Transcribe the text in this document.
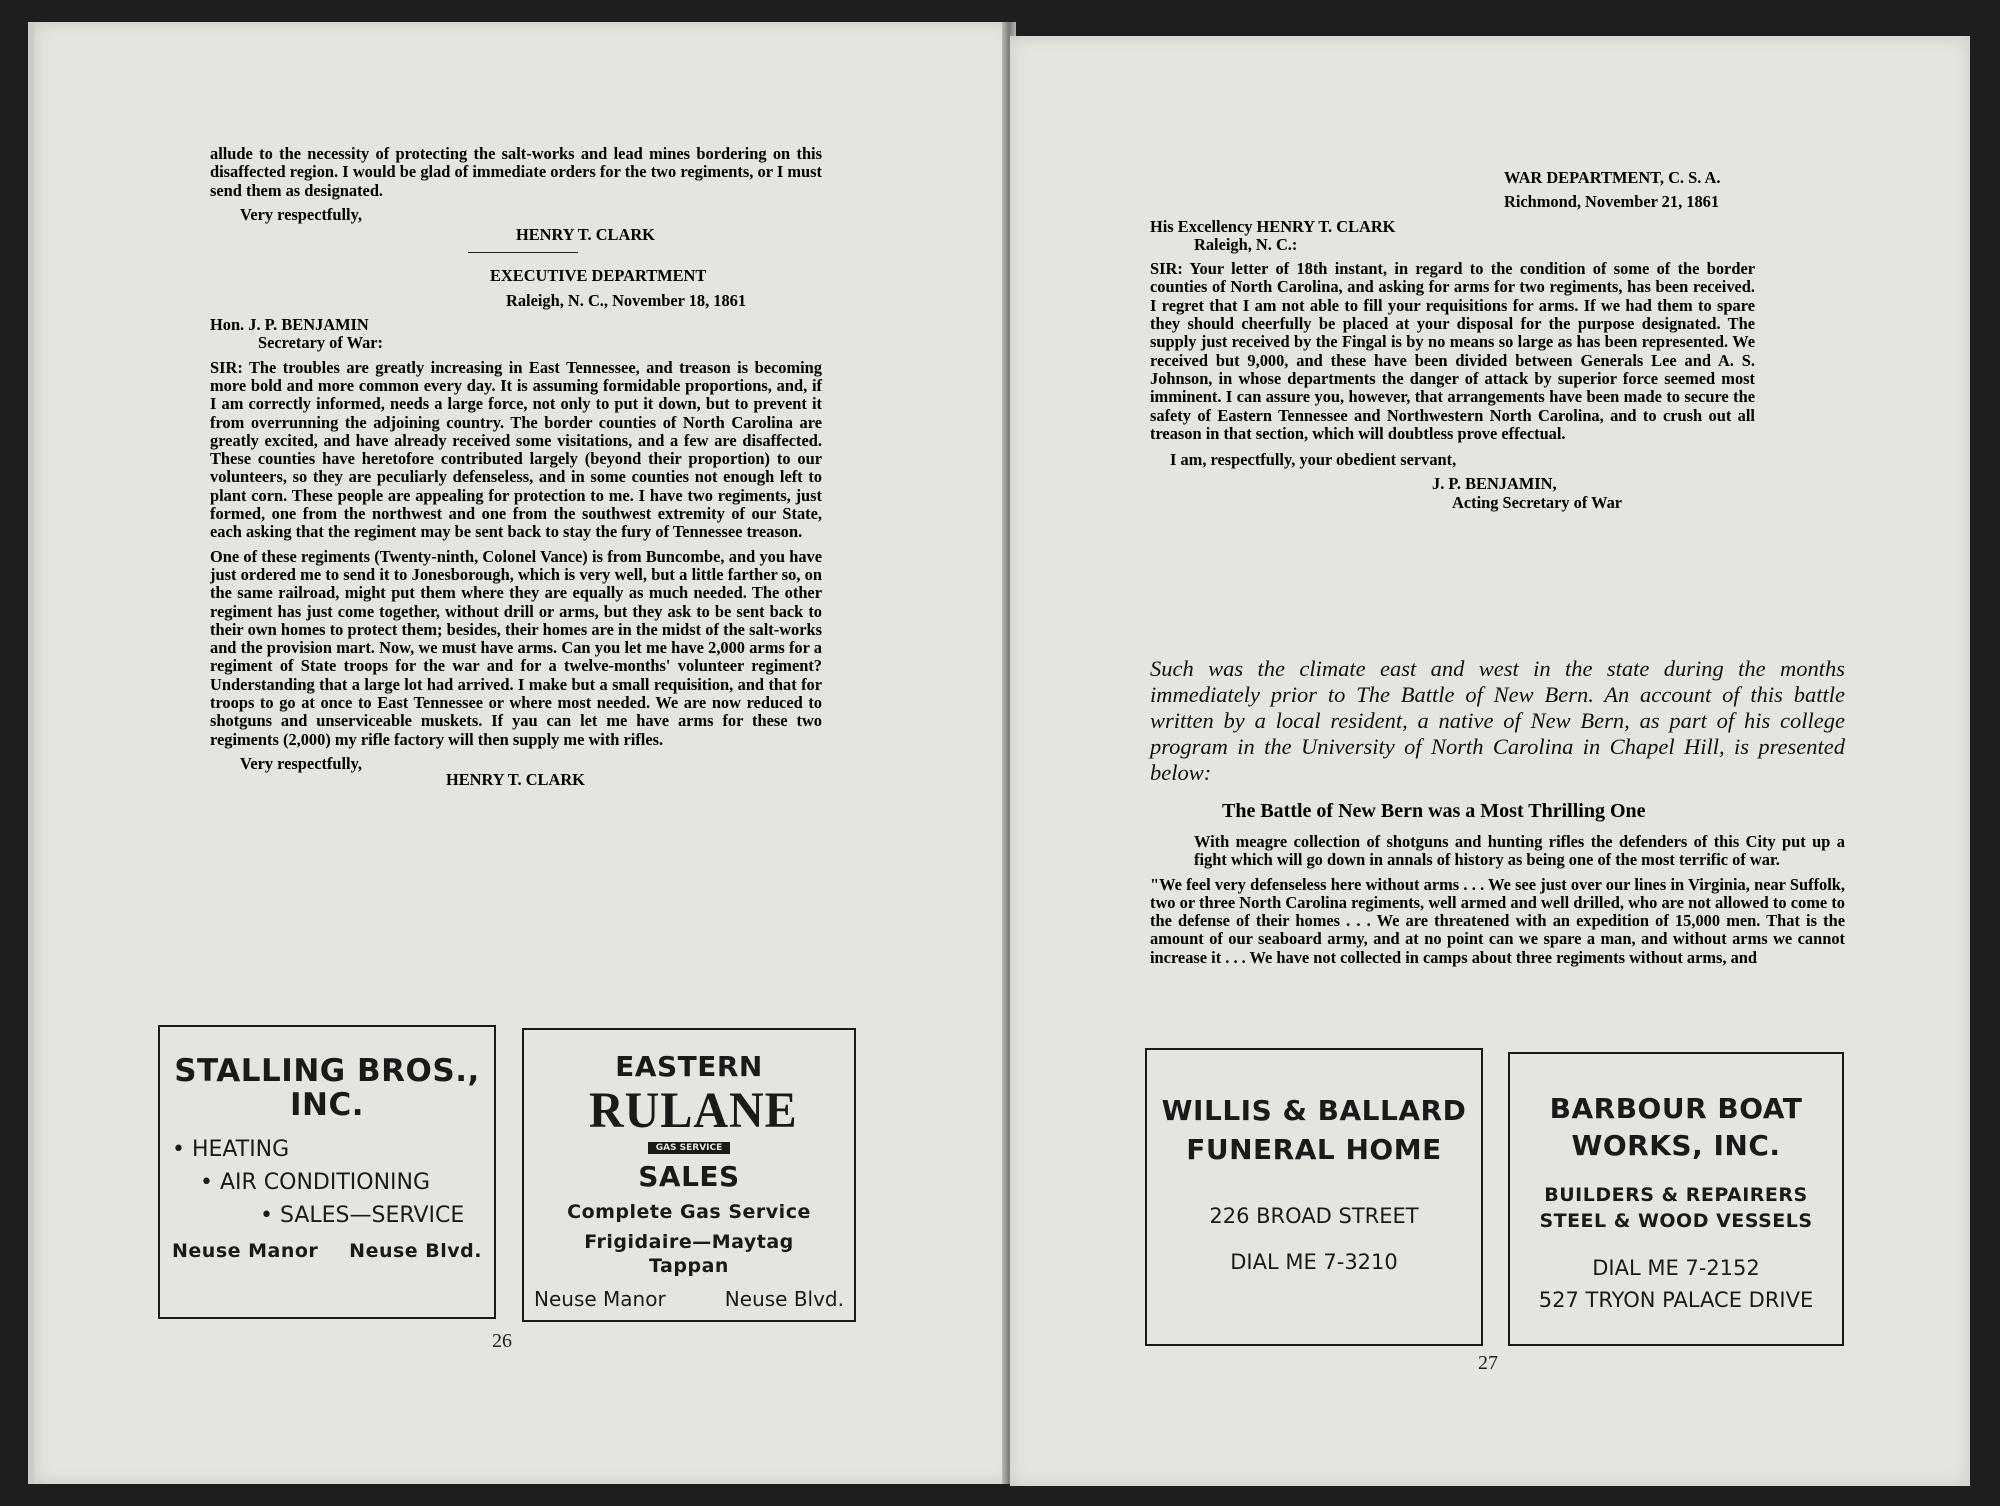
allude to the necessity of protecting the salt-works and lead mines bordering on this disaffected region. I would be glad of immediate orders for the two regiments, or I must send them as designated.

Very respectfully,

HENRY T. CLARK

EXECUTIVE DEPARTMENT

Raleigh, N. C., November 18, 1861

Hon. J. P. BENJAMIN

Secretary of War:

SIR: The troubles are greatly increasing in East Tennessee, and treason is becoming more bold and more common every day. It is assuming formidable proportions, and, if I am correctly informed, needs a large force, not only to put it down, but to prevent it from overrunning the adjoining country. The border counties of North Carolina are greatly excited, and have already received some visitations, and a few are disaffected. These counties have heretofore contributed largely (beyond their proportion) to our volunteers, so they are peculiarly defenseless, and in some counties not enough left to plant corn. These people are appealing for protection to me. I have two regiments, just formed, one from the northwest and one from the southwest extremity of our State, each asking that the regiment may be sent back to stay the fury of Tennessee treason.

One of these regiments (Twenty-ninth, Colonel Vance) is from Buncombe, and you have just ordered me to send it to Jonesborough, which is very well, but a little farther so, on the same railroad, might put them where they are equally as much needed. The other regiment has just come together, without drill or arms, but they ask to be sent back to their own homes to protect them; besides, their homes are in the midst of the salt-works and the provision mart. Now, we must have arms. Can you let me have 2,000 arms for a regiment of State troops for the war and for a twelve-months' volunteer regiment? Understanding that a large lot had arrived. I make but a small requisition, and that for troops to go at once to East Tennessee or where most needed. We are now reduced to shotguns and unserviceable muskets. If yau can let me have arms for these two regiments (2,000) my rifle factory will then supply me with rifles.

Very respectfully,

HENRY T. CLARK

STALLING BROS.,
INC.
• HEATING
• AIR CONDITIONING
• SALES—SERVICE
Neuse Manor Neuse Blvd.
EASTERN
RULANE
GAS SERVICE
SALES
Complete Gas Service
Frigidaire—Maytag
Tappan
Neuse Manor	Neuse Blvd.
26

WAR DEPARTMENT, C. S. A.

Richmond, November 21, 1861

His Excellency HENRY T. CLARK

Raleigh, N. C.:

SIR: Your letter of 18th instant, in regard to the condition of some of the border counties of North Carolina, and asking for arms for two regiments, has been received. I regret that I am not able to fill your requisitions for arms. If we had them to spare they should cheerfully be placed at your disposal for the purpose designated. The supply just received by the Fingal is by no means so large as has been represented. We received but 9,000, and these have been divided between Generals Lee and A. S. Johnson, in whose departments the danger of attack by superior force seemed most imminent. I can assure you, however, that arrangements have been made to secure the safety of Eastern Tennessee and Northwestern North Carolina, and to crush out all treason in that section, which will doubtless prove effectual.

I am, respectfully, your obedient servant,

J. P. BENJAMIN,

Acting Secretary of War

Such was the climate east and west in the state during the months immediately prior to The Battle of New Bern. An account of this battle written by a local resident, a native of New Bern, as part of his college program in the University of North Carolina in Chapel Hill, is presented below:

The Battle of New Bern was a Most Thrilling One

With meagre collection of shotguns and hunting rifles the defenders of this City put up a fight which will go down in annals of history as being one of the most terrific of war.

"We feel very defenseless here without arms . . . We see just over our lines in Virginia, near Suffolk, two or three North Carolina regiments, well armed and well drilled, who are not allowed to come to the defense of their homes . . . We are threatened with an expedition of 15,000 men. That is the amount of our seaboard army, and at no point can we spare a man, and without arms we cannot increase it . . . We have not collected in camps about three regiments without arms, and

WILLIS & BALLARD
FUNERAL HOME
226 BROAD STREET
DIAL ME 7-3210
BARBOUR BOAT
WORKS, INC.
BUILDERS & REPAIRERS
STEEL & WOOD VESSELS
DIAL ME 7-2152
527 TRYON PALACE DRIVE
27
